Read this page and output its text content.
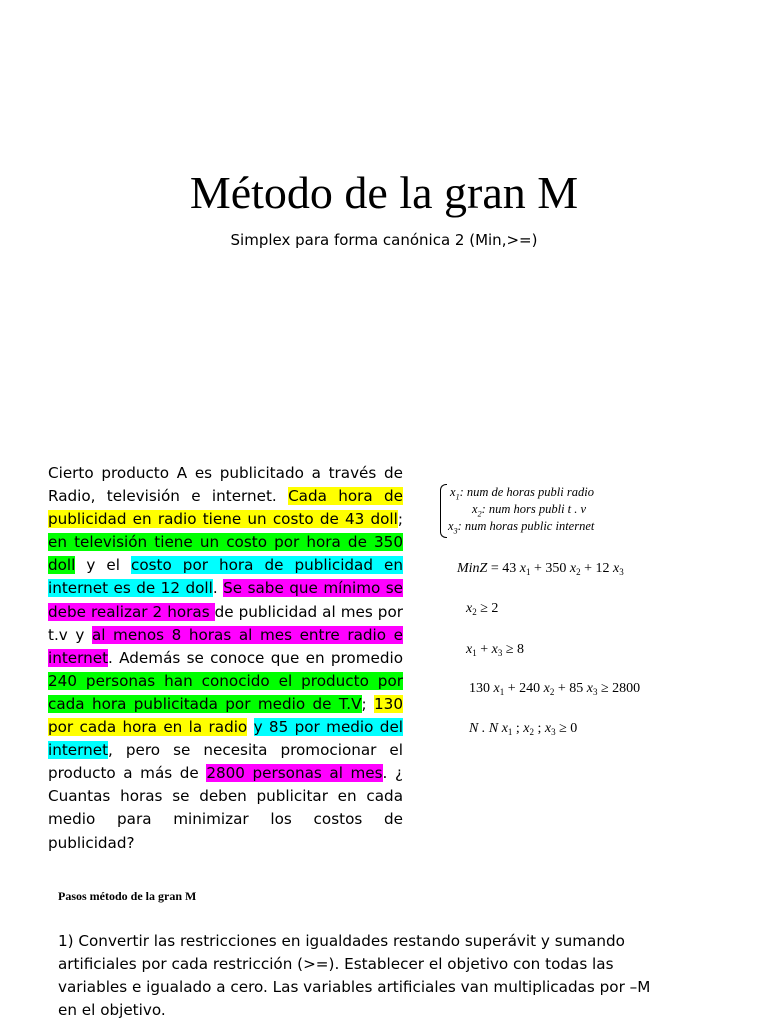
Método de la gran M
Simplex para forma canónica 2 (Min,>=)
Cierto producto A es publicitado a través de Radio, televisión e internet. Cada hora de publicidad en radio tiene un costo de 43 doll; en televisión tiene un costo por hora de 350 doll y el costo por hora de publicidad en internet es de 12 doll. Se sabe que mínimo se debe realizar 2 horas de publicidad al mes por t.v y al menos 8 horas al mes entre radio e internet. Además se conoce que en promedio 240 personas han conocido el producto por cada hora publicitada por medio de T.V; 130 por cada hora en la radio y 85 por medio del internet, pero se necesita promocionar el producto a más de 2800 personas al mes. ¿ Cuantas horas se deben publicitar en cada medio para minimizar los costos de publicidad?
$x_1$: num de horas publi radio
$x_2$: num hors publi t . v
$x_3$: num horas public internet
MinZ = 43 $x_1 + 350$ $x_2 + 12$ $x_3$
$x_2 \ge 2$
$x_1 + x_3 \ge 8$
130 $x_1 + 240$ $x_2 + 85$ $x_3 \ge 2800$
N . N $x_1$ ; $x_2$ ; $x_3 \ge 0$
Pasos método de la gran M
1) Convertir las restricciones en igualdades restando superávit y sumando artificiales por cada restricción (>=). Establecer el objetivo con todas las variables e igualado a cero. Las variables artificiales van multiplicadas por –M en el objetivo.
